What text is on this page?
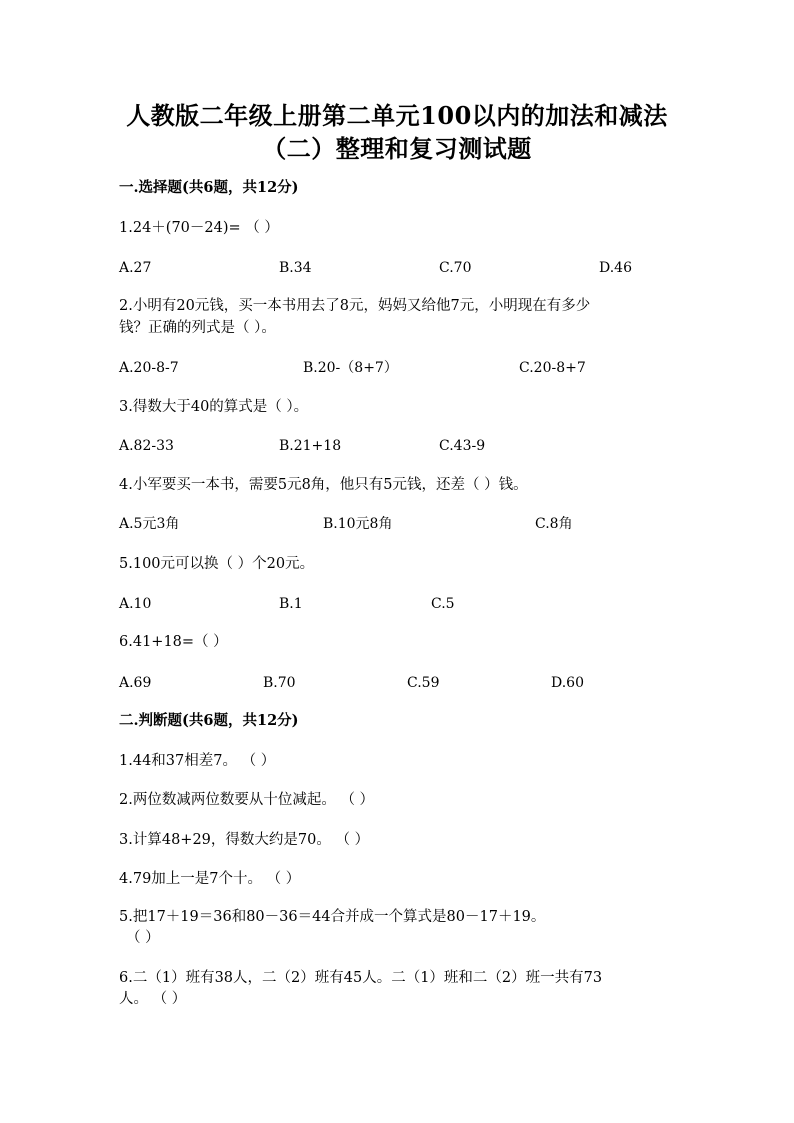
人教版二年级上册第二单元100以内的加法和减法
（二）整理和复习测试题
一.选择题(共6题，共12分)
1.24＋(70－24)= （ ）
A.27	B.34	C.70	D.46
2.小明有20元钱，买一本书用去了8元，妈妈又给他7元，小明现在有多少
钱？正确的列式是（ ）。
A.20-8-7	B.20-（8+7）	C.20-8+7
3.得数大于40的算式是（ ）。
A.82-33	B.21+18	C.43-9
4.小军要买一本书，需要5元8角，他只有5元钱，还差（ ）钱。
A.5元3角	B.10元8角	C.8角
5.100元可以换（ ）个20元。
A.10	B.1	C.5
6.41+18=（ ）
A.69	B.70	C.59	D.60
二.判断题(共6题，共12分)
1.44和37相差7。 （ ）
2.两位数减两位数要从十位减起。 （ ）
3.计算48+29，得数大约是70。 （ ）
4.79加上一是7个十。 （ ）
5.把17＋19＝36和80－36＝44合并成一个算式是80－17＋19。
（ ）
6.二（1）班有38人，二（2）班有45人。二（1）班和二（2）班一共有73
人。 （ ）
